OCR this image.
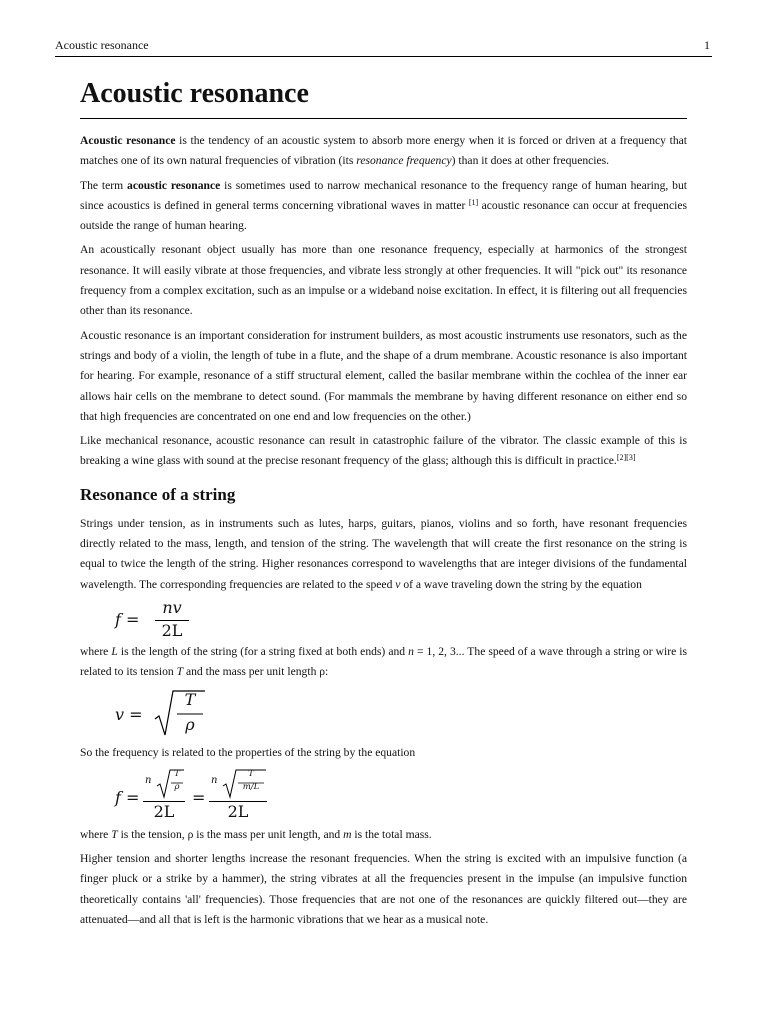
Acoustic resonance	1
Acoustic resonance

Acoustic resonance is the tendency of an acoustic system to absorb more energy when it is forced or driven at a frequency that matches one of its own natural frequencies of vibration (its resonance frequency) than it does at other frequencies.

The term acoustic resonance is sometimes used to narrow mechanical resonance to the frequency range of human hearing, but since acoustics is defined in general terms concerning vibrational waves in matter [1] acoustic resonance can occur at frequencies outside the range of human hearing.

An acoustically resonant object usually has more than one resonance frequency, especially at harmonics of the strongest resonance. It will easily vibrate at those frequencies, and vibrate less strongly at other frequencies. It will "pick out" its resonance frequency from a complex excitation, such as an impulse or a wideband noise excitation. In effect, it is filtering out all frequencies other than its resonance.

Acoustic resonance is an important consideration for instrument builders, as most acoustic instruments use resonators, such as the strings and body of a violin, the length of tube in a flute, and the shape of a drum membrane. Acoustic resonance is also important for hearing. For example, resonance of a stiff structural element, called the basilar membrane within the cochlea of the inner ear allows hair cells on the membrane to detect sound. (For mammals the membrane by having different resonance on either end so that high frequencies are concentrated on one end and low frequencies on the other.)

Like mechanical resonance, acoustic resonance can result in catastrophic failure of the vibrator. The classic example of this is breaking a wine glass with sound at the precise resonant frequency of the glass; although this is difficult in practice.[2][3]

Resonance of a string

Strings under tension, as in instruments such as lutes, harps, guitars, pianos, violins and so forth, have resonant frequencies directly related to the mass, length, and tension of the string. The wavelength that will create the first resonance on the string is equal to twice the length of the string. Higher resonances correspond to wavelengths that are integer divisions of the fundamental wavelength. The corresponding frequencies are related to the speed v of a wave traveling down the string by the equation

f =
nv
2L

where L is the length of the string (for a string fixed at both ends) and n = 1, 2, 3... The speed of a wave through a string or wire is related to its tension T and the mass per unit length ρ:

v =
T
ρ

So the frequency is related to the properties of the string by the equation

f =
n
T
ρ
2L
=
n
T
m/L
2L

where T is the tension, ρ is the mass per unit length, and m is the total mass.

Higher tension and shorter lengths increase the resonant frequencies. When the string is excited with an impulsive function (a finger pluck or a strike by a hammer), the string vibrates at all the frequencies present in the impulse (an impulsive function theoretically contains 'all' frequencies). Those frequencies that are not one of the resonances are quickly filtered out—they are attenuated—and all that is left is the harmonic vibrations that we hear as a musical note.
